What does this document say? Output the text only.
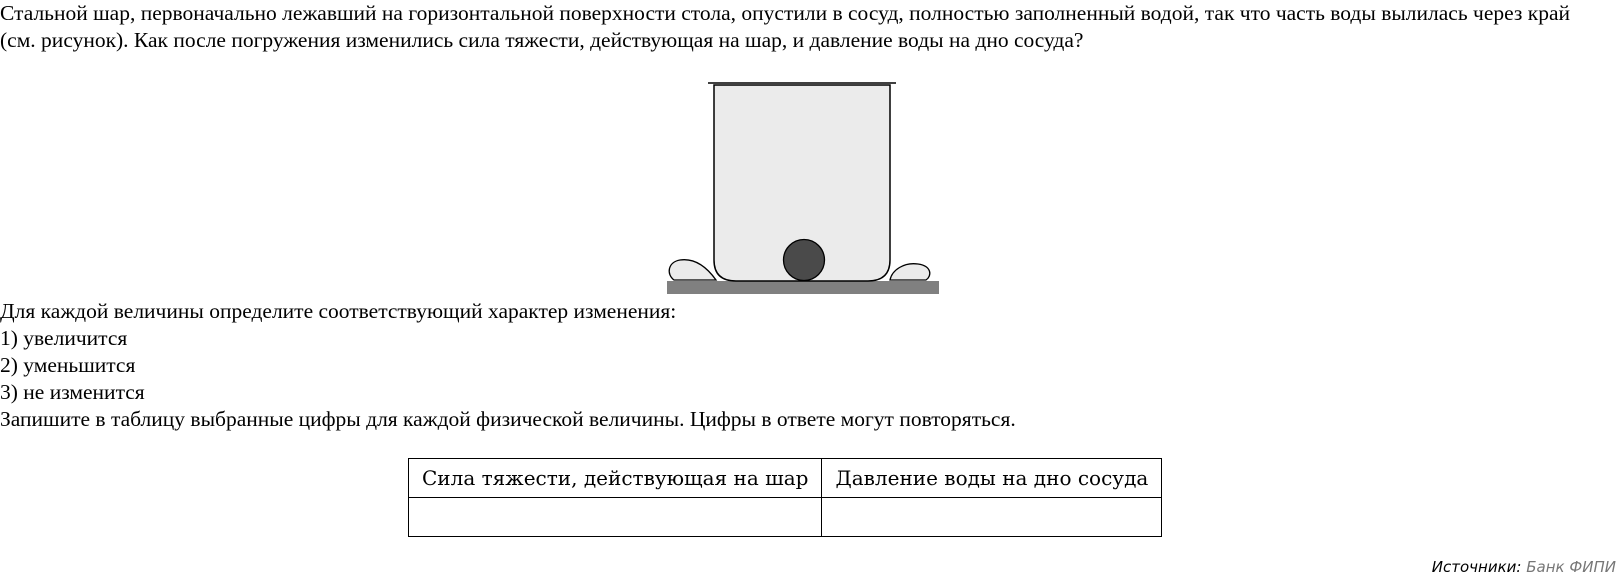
Стальной шар, первоначально лежавший на горизонтальной поверхности стола, опустили в сосуд, полностью заполненный водой, так что часть воды вылилась через край (см. рисунок). Как после погружения изменились сила тяжести, действующая на шар, и давление воды на дно сосуда?
Для каждой величины определите соответствующий характер изменения:
1) увеличится
2) уменьшится
3) не изменится
Запишите в таблицу выбранные цифры для каждой физической величины. Цифры в ответе могут повторяться.
Сила тяжести, действующая на шар	Давление воды на дно сосуда

Источники: Банк ФИПИ
